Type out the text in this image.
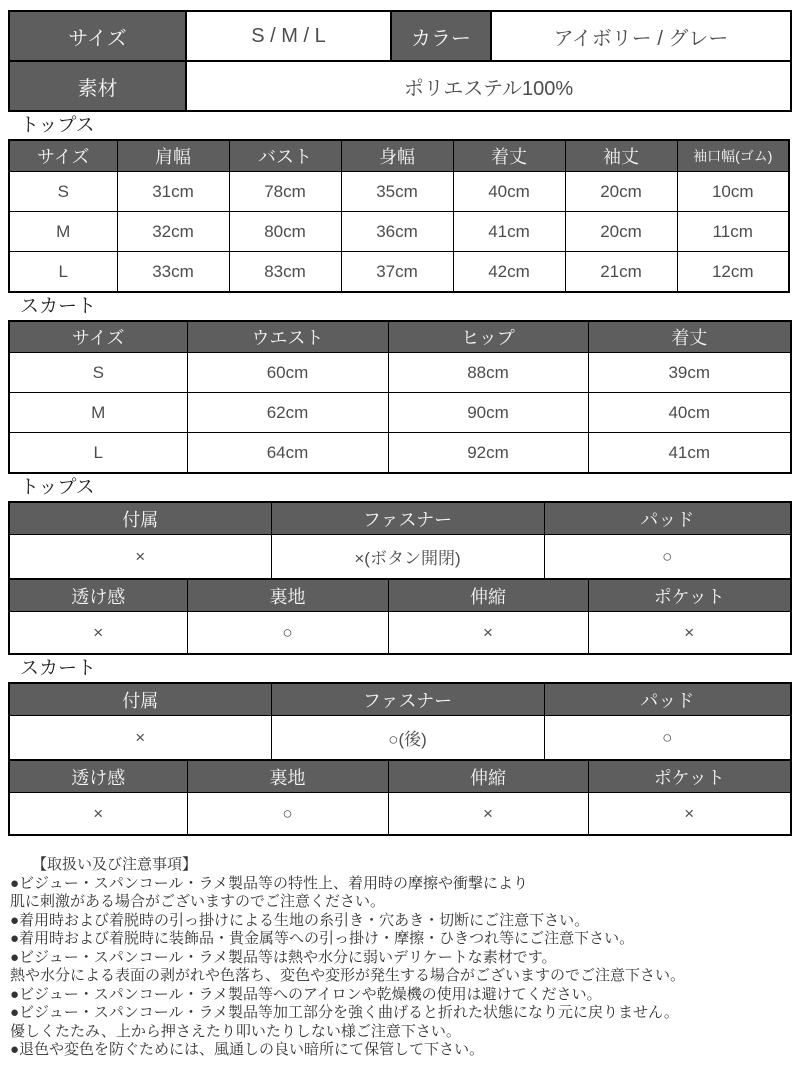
サイズ	S / M / L	カラー	アイボリー / グレー
素材	ポリエステル100%		
トップス
サイズ	肩幅	バスト	身幅	着丈	袖丈	袖口幅(ゴム)
S	31cm	78cm	35cm	40cm	20cm	10cm
M	32cm	80cm	36cm	41cm	20cm	11cm
L	33cm	83cm	37cm	42cm	21cm	12cm
スカート
サイズ	ウエスト	ヒップ	着丈
S	60cm	88cm	39cm
M	62cm	90cm	40cm
L	64cm	92cm	41cm
トップス
付属	ファスナー	パッド
×	×(ボタン開閉)	○
透け感	裏地	伸縮	ポケット
×	○	×	×
スカート
付属	ファスナー	パッド
×	○(後)	○
透け感	裏地	伸縮	ポケット
×	○	×	×
【取扱い及び注意事項】
●ビジュー・スパンコール・ラメ製品等の特性上、着用時の摩擦や衝撃により
肌に刺激がある場合がございますのでご注意ください。
●着用時および着脱時の引っ掛けによる生地の糸引き・穴あき・切断にご注意下さい。
●着用時および着脱時に装飾品・貴金属等への引っ掛け・摩擦・ひきつれ等にご注意下さい。
●ビジュー・スパンコール・ラメ製品等は熱や水分に弱いデリケートな素材です。
熱や水分による表面の剥がれや色落ち、変色や変形が発生する場合がございますのでご注意下さい。
●ビジュー・スパンコール・ラメ製品等へのアイロンや乾燥機の使用は避けてください。
●ビジュー・スパンコール・ラメ製品等加工部分を強く曲げると折れた状態になり元に戻りません。
優しくたたみ、上から押さえたり叩いたりしない様ご注意下さい。
●退色や変色を防ぐためには、風通しの良い暗所にて保管して下さい。
